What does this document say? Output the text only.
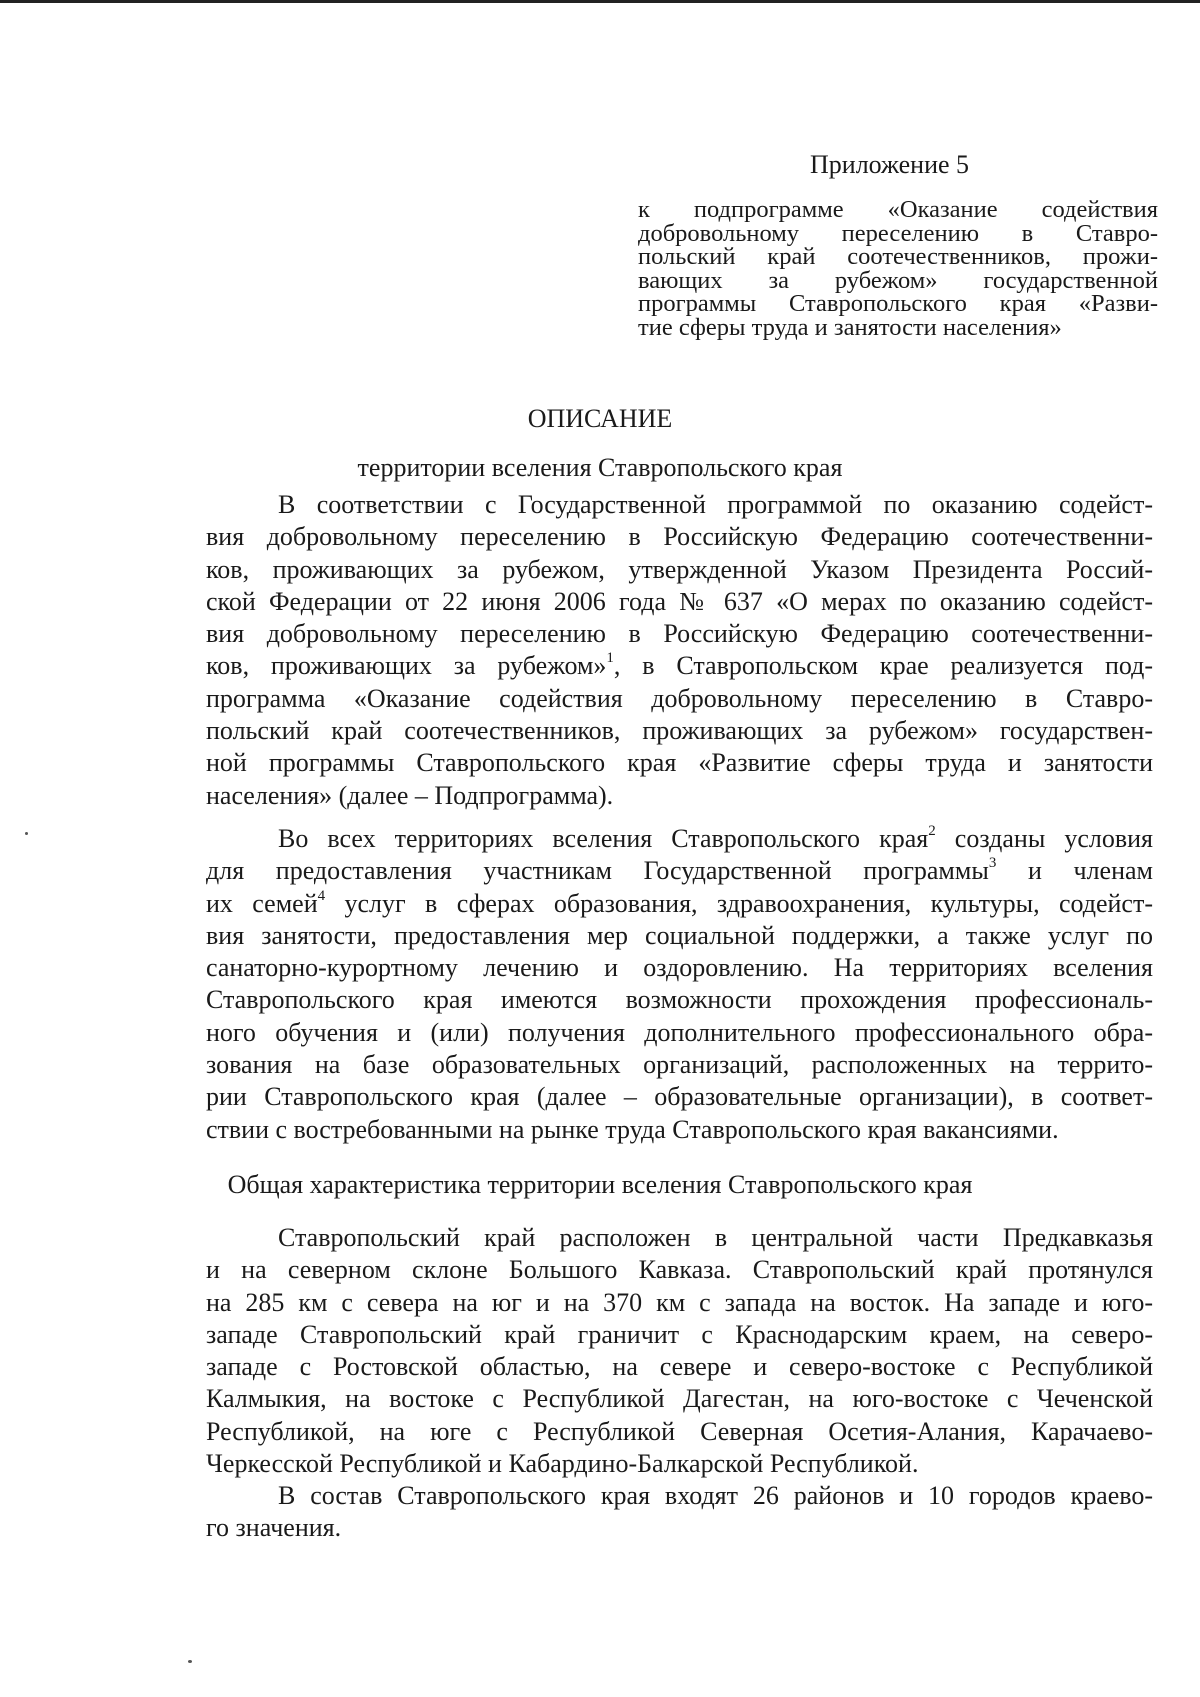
Приложение 5
к подпрограмме «Оказание содействия
добровольному переселению в Ставро-
польский край соотечественников, прожи-
вающих за рубежом» государственной
программы Ставропольского края «Разви-
тие сферы труда и занятости населения»
ОПИСАНИЕ
территории вселения Ставропольского края
В соответствии с Государственной программой по оказанию содейст-
вия добровольному переселению в Российскую Федерацию соотечественни-
ков, проживающих за рубежом, утвержденной Указом Президента Россий-
ской Федерации от 22 июня 2006 года № 637 «О мерах по оказанию содейст-
вия добровольному переселению в Российскую Федерацию соотечественни-
ков, проживающих за рубежом»$^1$, в Ставропольском крае реализуется под-
программа «Оказание содействия добровольному переселению в Ставро-
польский край соотечественников, проживающих за рубежом» государствен-
ной программы Ставропольского края «Развитие сферы труда и занятости
населения» (далее – Подпрограмма).
Во всех территориях вселения Ставропольского края$^2$ созданы условия
для предоставления участникам Государственной программы$^3$ и членам
их семей$^4$ услуг в сферах образования, здравоохранения, культуры, содейст-
вия занятости, предоставления мер социальной поддержки, а также услуг по
санаторно-курортному лечению и оздоровлению. На территориях вселения
Ставропольского края имеются возможности прохождения профессиональ-
ного обучения и (или) получения дополнительного профессионального обра-
зования на базе образовательных организаций, расположенных на террито-
рии Ставропольского края (далее – образовательные организации), в соответ-
ствии с востребованными на рынке труда Ставропольского края вакансиями.
Общая характеристика территории вселения Ставропольского края
Ставропольский край расположен в центральной части Предкавказья
и на северном склоне Большого Кавказа. Ставропольский край протянулся
на 285 км с севера на юг и на 370 км с запада на восток. На западе и юго-
западе Ставропольский край граничит с Краснодарским краем, на северо-
западе с Ростовской областью, на севере и северо-востоке с Республикой
Калмыкия, на востоке с Республикой Дагестан, на юго-востоке с Чеченской
Республикой, на юге с Республикой Северная Осетия-Алания, Карачаево-
Черкесской Республикой и Кабардино-Балкарской Республикой.
В состав Ставропольского края входят 26 районов и 10 городов краево-
го значения.
